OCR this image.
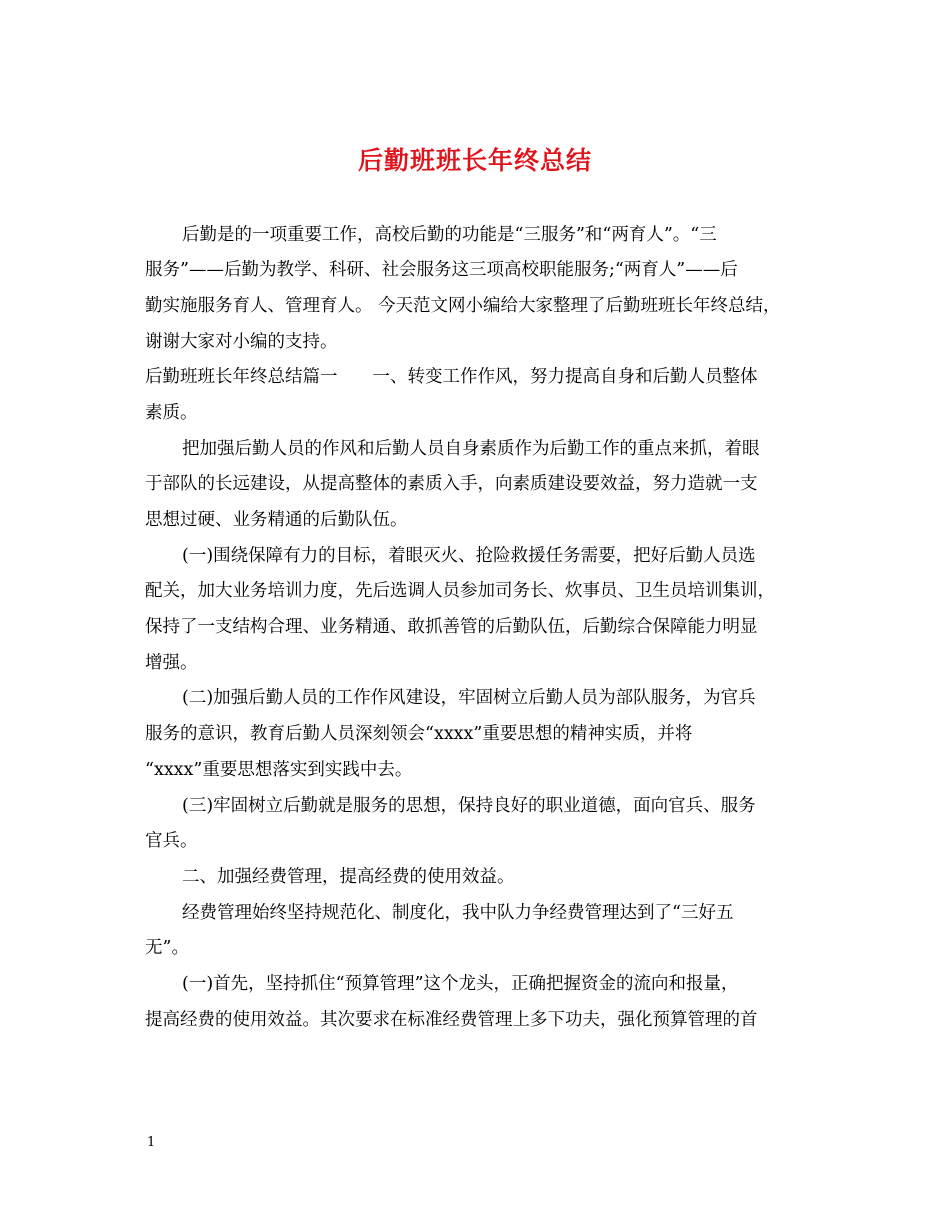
后勤班班长年终总结
后勤是的一项重要工作，高校后勤的功能是“三服务”和“两育人”。“三
服务”——后勤为教学、科研、社会服务这三项高校职能服务;“两育人”——后
勤实施服务育人、管理育人。 今天范文网小编给大家整理了后勤班班长年终总结，
谢谢大家对小编的支持。
后勤班班长年终总结篇一　　一、转变工作作风，努力提高自身和后勤人员整体
素质。
把加强后勤人员的作风和后勤人员自身素质作为后勤工作的重点来抓，着眼
于部队的长远建设，从提高整体的素质入手，向素质建设要效益，努力造就一支
思想过硬、业务精通的后勤队伍。
(一)围绕保障有力的目标，着眼灭火、抢险救援任务需要，把好后勤人员选
配关，加大业务培训力度，先后选调人员参加司务长、炊事员、卫生员培训集训，
保持了一支结构合理、业务精通、敢抓善管的后勤队伍，后勤综合保障能力明显
增强。
(二)加强后勤人员的工作作风建设，牢固树立后勤人员为部队服务，为官兵
服务的意识，教育后勤人员深刻领会“xxxx”重要思想的精神实质，并将
“xxxx”重要思想落实到实践中去。
(三)牢固树立后勤就是服务的思想，保持良好的职业道德，面向官兵、服务
官兵。
二、加强经费管理，提高经费的使用效益。
经费管理始终坚持规范化、制度化，我中队力争经费管理达到了“三好五
无”。
(一)首先，坚持抓住“预算管理”这个龙头，正确把握资金的流向和报量，
提高经费的使用效益。其次要求在标准经费管理上多下功夫，强化预算管理的首
1
